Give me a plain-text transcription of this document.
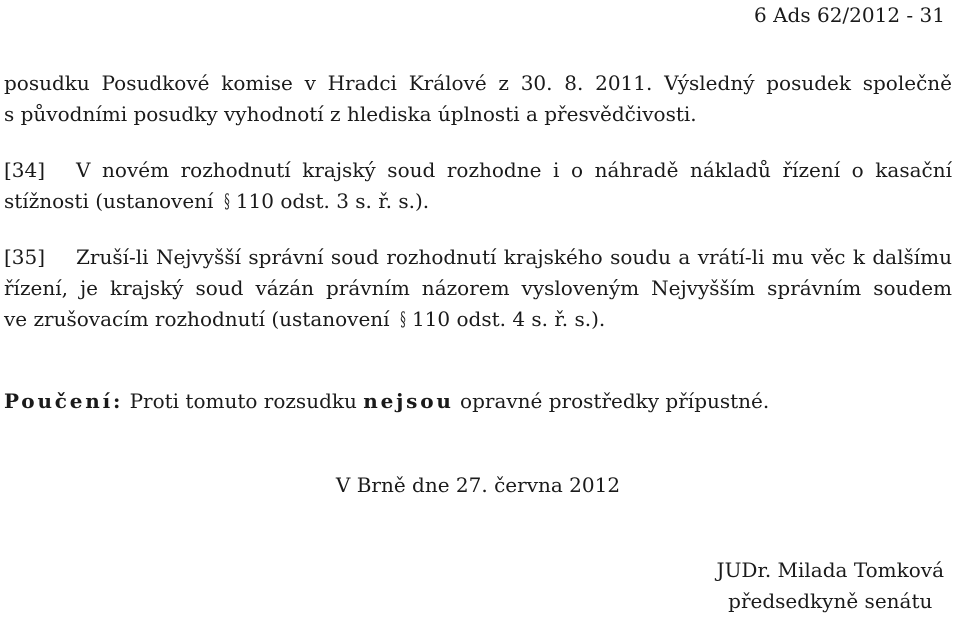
6 Ads 62/2012 - 31
posudku Posudkové komise v Hradci Králové z 30. 8. 2011. Výsledný posudek společně
s původními posudky vyhodnotí z hlediska úplnosti a přesvědčivosti.
[34] V novém rozhodnutí krajský soud rozhodne i o náhradě nákladů řízení o kasační
stížnosti (ustanovení § 110 odst. 3 s. ř. s.).
[35] Zruší-li Nejvyšší správní soud rozhodnutí krajského soudu a vrátí-li mu věc k dalšímu
řízení, je krajský soud vázán právním názorem vysloveným Nejvyšším správním soudem
ve zrušovacím rozhodnutí (ustanovení § 110 odst. 4 s. ř. s.).
Poučení: Proti tomuto rozsudku nejsou opravné prostředky přípustné.
V Brně dne 27. června 2012
JUDr. Milada Tomková
předsedkyně senátu
